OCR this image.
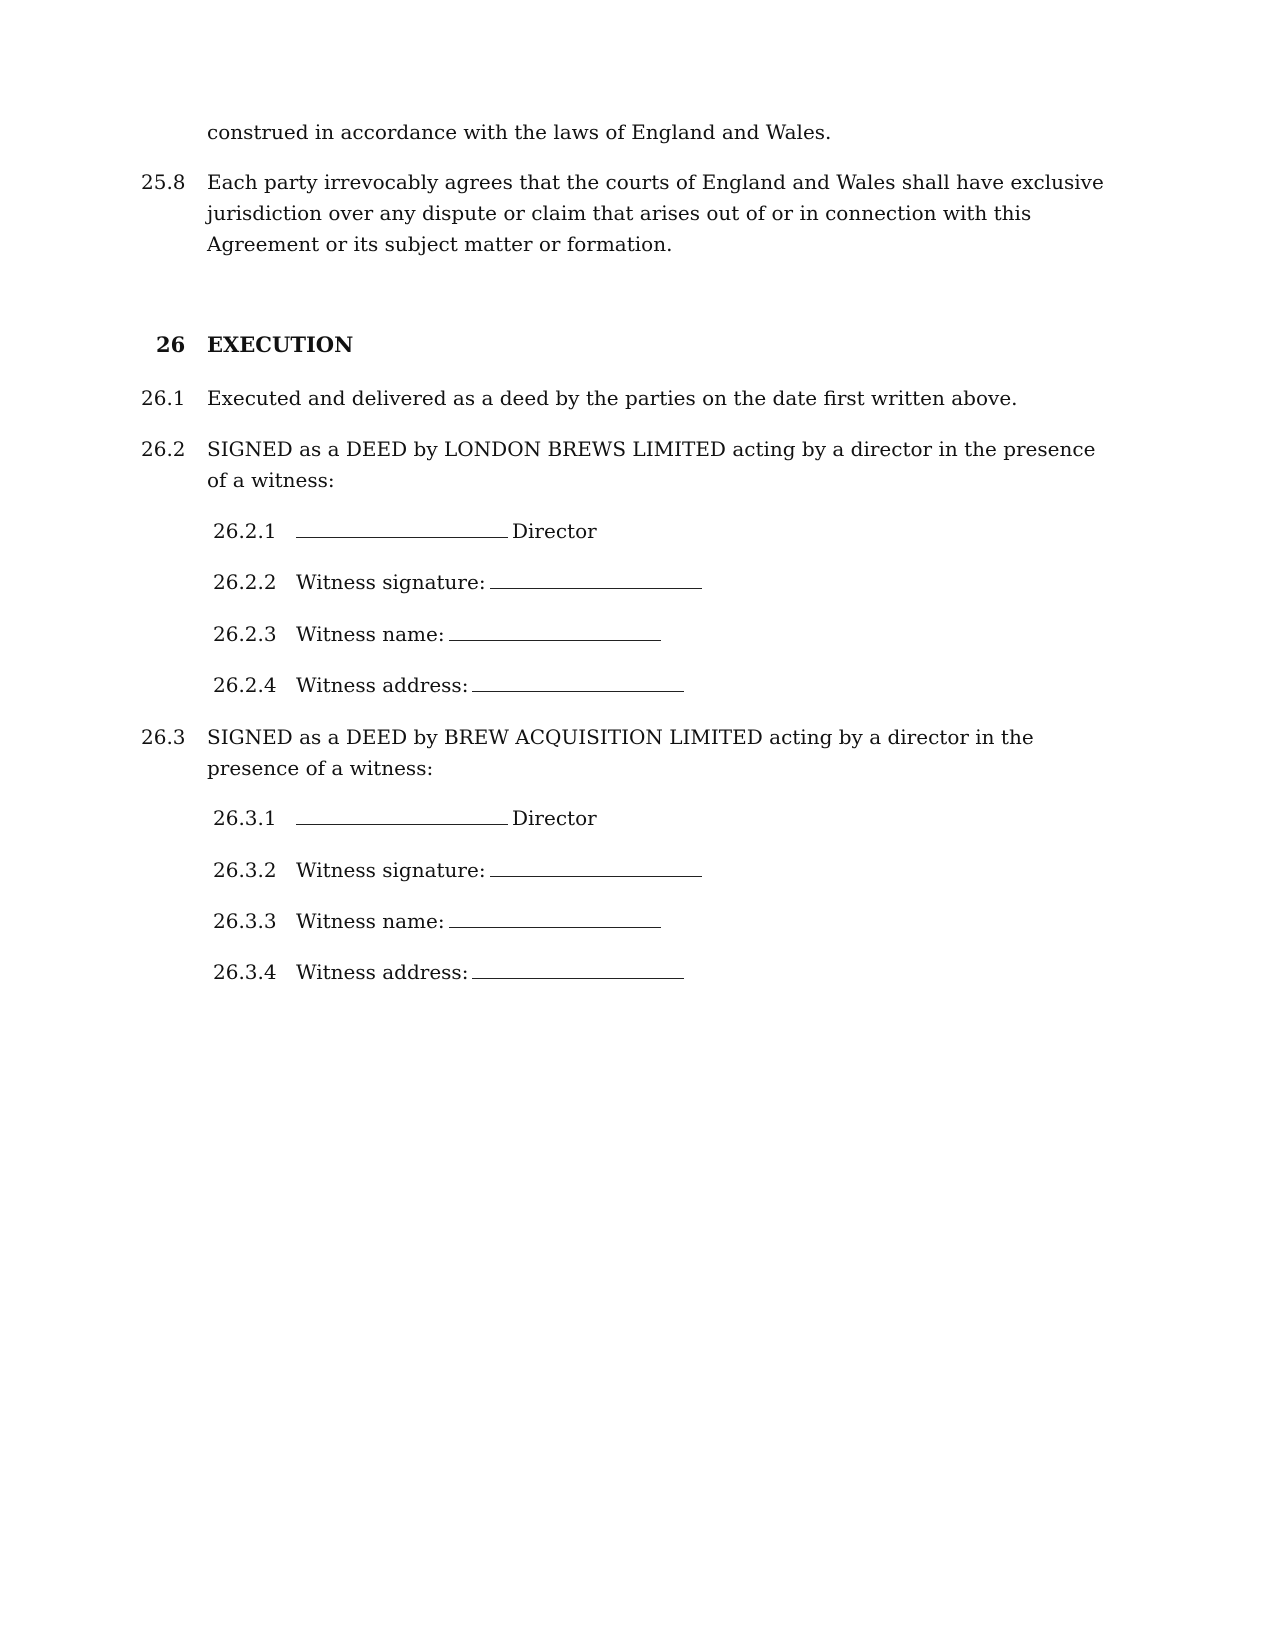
construed in accordance with the laws of England and Wales.
25.8 Each party irrevocably agrees that the courts of England and Wales shall have exclusive jurisdiction over any dispute or claim that arises out of or in connection with this Agreement or its subject matter or formation.
26 EXECUTION
26.1 Executed and delivered as a deed by the parties on the date first written above.
26.2 SIGNED as a DEED by LONDON BREWS LIMITED acting by a director in the presence of a witness:
26.2.1	Director
26.2.2 Witness signature:
26.2.3 Witness name:
26.2.4 Witness address:
26.3 SIGNED as a DEED by BREW ACQUISITION LIMITED acting by a director in the presence of a witness:
26.3.1	Director
26.3.2 Witness signature:
26.3.3 Witness name:
26.3.4 Witness address:
